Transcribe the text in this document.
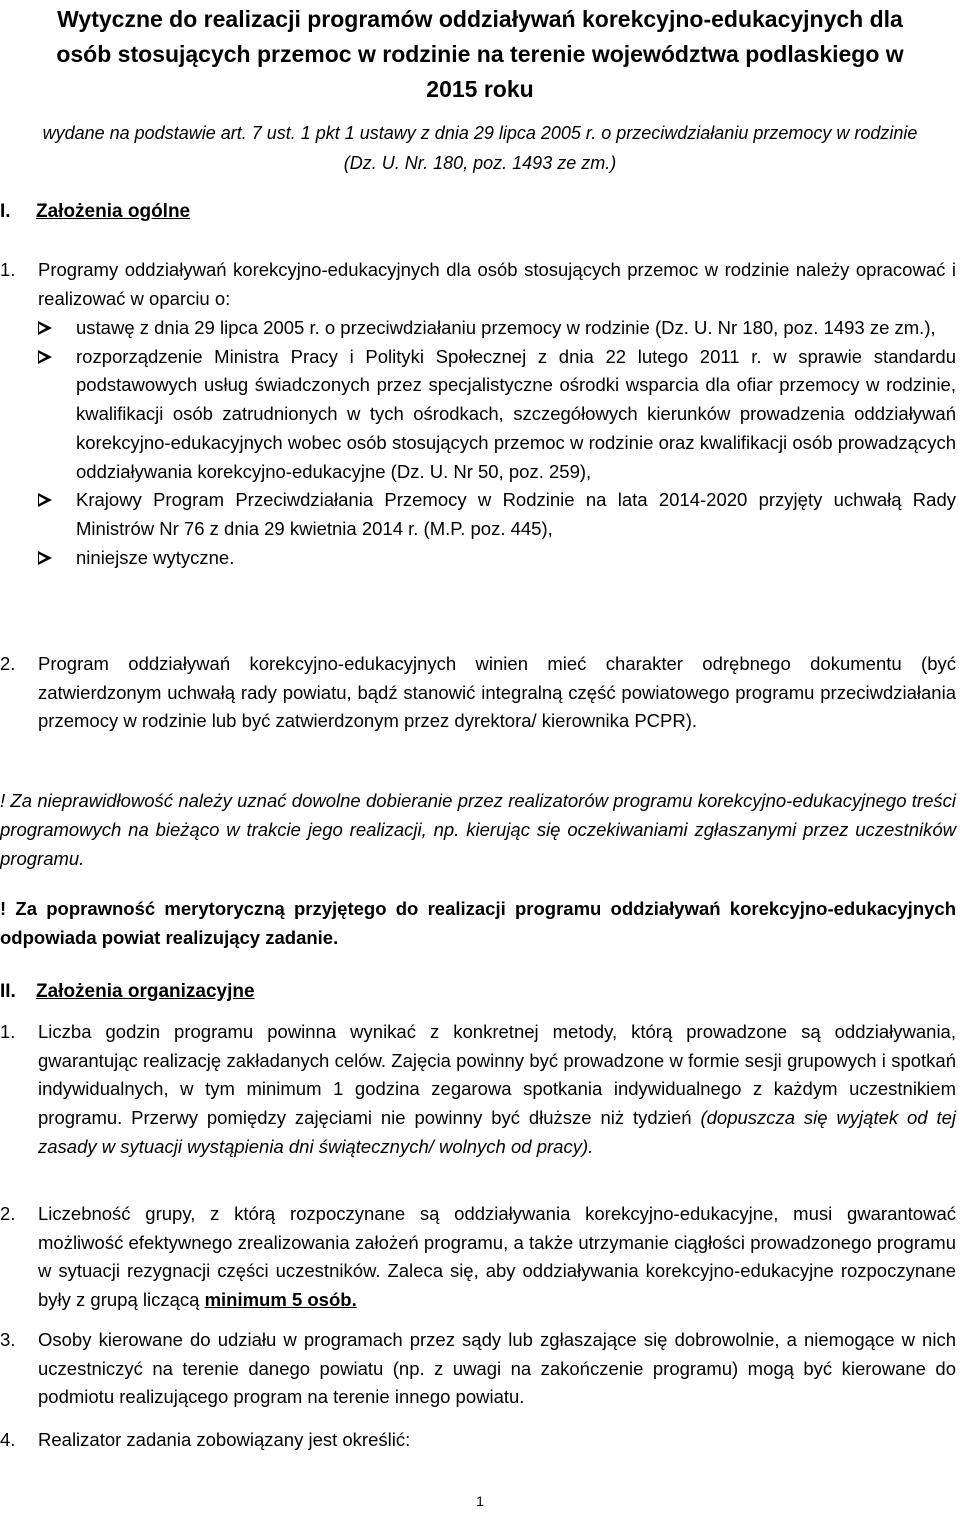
Wytyczne do realizacji programów oddziaływań korekcyjno-edukacyjnych dla
osób stosujących przemoc w rodzinie na terenie województwa podlaskiego w
2015 roku
wydane na podstawie art. 7 ust. 1 pkt 1 ustawy z dnia 29 lipca 2005 r. o przeciwdziałaniu przemocy w rodzinie
(Dz. U. Nr. 180, poz. 1493 ze zm.)
I. Założenia ogólne
1. Programy oddziaływań korekcyjno-edukacyjnych dla osób stosujących przemoc w rodzinie należy opracować i realizować w oparciu o:
ustawę z dnia 29 lipca 2005 r. o przeciwdziałaniu przemocy w rodzinie (Dz. U. Nr 180, poz. 1493 ze zm.),
rozporządzenie Ministra Pracy i Polityki Społecznej z dnia 22 lutego 2011 r. w sprawie standardu podstawowych usług świadczonych przez specjalistyczne ośrodki wsparcia dla ofiar przemocy w rodzinie, kwalifikacji osób zatrudnionych w tych ośrodkach, szczegółowych kierunków prowadzenia oddziaływań korekcyjno-edukacyjnych wobec osób stosujących przemoc w rodzinie oraz kwalifikacji osób prowadzących oddziaływania korekcyjno-edukacyjne (Dz. U. Nr 50, poz. 259),
Krajowy Program Przeciwdziałania Przemocy w Rodzinie na lata 2014-2020 przyjęty uchwałą Rady Ministrów Nr 76 z dnia 29 kwietnia 2014 r. (M.P. poz. 445),
niniejsze wytyczne.
2. Program oddziaływań korekcyjno-edukacyjnych winien mieć charakter odrębnego dokumentu (być zatwierdzonym uchwałą rady powiatu, bądź stanowić integralną część powiatowego programu przeciwdziałania przemocy w rodzinie lub być zatwierdzonym przez dyrektora/ kierownika PCPR).
! Za nieprawidłowość należy uznać dowolne dobieranie przez realizatorów programu korekcyjno-edukacyjnego treści programowych na bieżąco w trakcie jego realizacji, np. kierując się oczekiwaniami zgłaszanymi przez uczestników programu.
! Za poprawność merytoryczną przyjętego do realizacji programu oddziaływań korekcyjno-edukacyjnych odpowiada powiat realizujący zadanie.
II. Założenia organizacyjne
1. Liczba godzin programu powinna wynikać z konkretnej metody, którą prowadzone są oddziaływania, gwarantując realizację zakładanych celów. Zajęcia powinny być prowadzone w formie sesji grupowych i spotkań indywidualnych, w tym minimum 1 godzina zegarowa spotkania indywidualnego z każdym uczestnikiem programu. Przerwy pomiędzy zajęciami nie powinny być dłuższe niż tydzień (dopuszcza się wyjątek od tej zasady w sytuacji wystąpienia dni świątecznych/ wolnych od pracy).
2. Liczebność grupy, z którą rozpoczynane są oddziaływania korekcyjno-edukacyjne, musi gwarantować możliwość efektywnego zrealizowania założeń programu, a także utrzymanie ciągłości prowadzonego programu w sytuacji rezygnacji części uczestników. Zaleca się, aby oddziaływania korekcyjno-edukacyjne rozpoczynane były z grupą liczącą minimum 5 osób.
3. Osoby kierowane do udziału w programach przez sądy lub zgłaszające się dobrowolnie, a niemogące w nich uczestniczyć na terenie danego powiatu (np. z uwagi na zakończenie programu) mogą być kierowane do podmiotu realizującego program na terenie innego powiatu.
4. Realizator zadania zobowiązany jest określić:
1
